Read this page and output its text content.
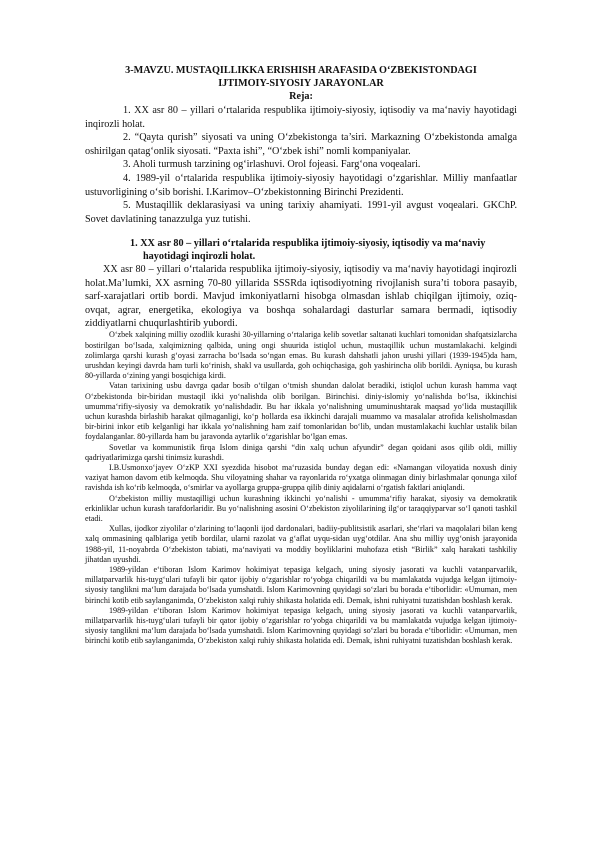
3-MAVZU. MUSTAQILLIKKA ERISHISH ARAFASIDA O‘ZBEKISTONDAGI

IJTIMOIY-SIYOSIY JARAYONLAR

Reja:

1. XX asr 80 – yillari o‘rtalarida respublika ijtimoiy-siyosiy, iqtisodiy va ma‘naviy hayotidagi inqirozli holat.

2. “Qayta qurish” siyosati va uning O‘zbekistonga ta’siri. Markazning O‘zbekistonda amalga oshirilgan qatag‘onlik siyosati. “Paxta ishi”, “O‘zbek ishi” nomli kompaniyalar.

3. Aholi turmush tarzining og‘irlashuvi. Orol fojeasi. Farg‘ona voqealari.

4. 1989-yil o‘rtalarida respublika ijtimoiy-siyosiy hayotidagi o‘zgarishlar. Milliy manfaatlar ustuvorligining o‘sib borishi. I.Karimov–O‘zbekistonning Birinchi Prezidenti.

5. Mustaqillik deklarasiyasi va uning tarixiy ahamiyati. 1991-yil avgust voqealari. GKChP. Sovet davlatining tanazzulga yuz tutishi.

1. XX asr 80 – yillari o‘rtalarida respublika ijtimoiy-siyosiy, iqtisodiy va ma‘naviy hayotidagi inqirozli holat.

XX asr 80 – yillari o‘rtalarida respublika ijtimoiy-siyosiy, iqtisodiy va ma‘naviy hayotidagi inqirozli holat.Ma’lumki, XX asrning 70-80 yillarida SSSRda iqtisodiyotning rivojlanish sura’ti tobora pasayib, sarf-xarajatlari ortib bordi. Mavjud imkoniyatlarni hisobga olmasdan ishlab chiqilgan ijtimoiy, oziq-ovqat, agrar, energetika, ekologiya va boshqa sohalardagi dasturlar samara bermadi, iqtisodiy ziddiyatlarni chuqurlashtirib yubordi.

O‘zbek xalqining milliy ozodlik kurashi 30-yillarning o‘rtalariga kelib sovetlar saltanati kuchlari tomonidan shafqatsizlarcha bostirilgan bo‘lsada, xalqimizning qalbida, uning ongi shuurida istiqlol uchun, mustaqillik uchun mustamlakachi. kelgindi zolimlarga qarshi kurash g‘oyasi zarracha bo‘lsada so‘ngan emas. Bu kurash dahshatli jahon urushi yillari (1939-1945)da ham, urushdan keyingi davrda ham turli ko‘rinish, shakl va usullarda, goh ochiqchasiga, goh yashirincha olib borildi. Ayniqsa, bu kurash 80-yillarda o‘zining yangi bosqichiga kirdi.

Vatan tarixining usbu davrga qadar bosib o‘tilgan o‘tmish shundan dalolat beradiki, istiqlol uchun kurash hamma vaqt O‘zbekistonda bir-biridan mustaqil ikki yo‘nalishda olib borilgan. Birinchisi. diniy-islomiy yo‘nalishda bo‘lsa, ikkinchisi umumma‘rifiy-siyosiy va demokratik yo‘nalishdadir. Bu har ikkala yo‘nalishning umuminushtarak maqsad yo‘lida mustaqillik uchun kurashda birlashib harakat qilmaganligi, ko‘p hollarda esa ikkinchi darajali muammo va masalalar atrofida kelisholmasdan bir-birini inkor etib kelganligi har ikkala yo‘nalishning ham zaif tomonlaridan bo‘lib, undan mustamlakachi kuchlar ustalik bilan foydalanganlar. 80-yillarda ham bu jaravonda aytarlik o‘zgarishlar bo‘lgan emas.

Sovetlar va kommunistik firqa Islom diniga qarshi “din xalq uchun afyundir” degan qoidani asos qilib oldi, milliy qadriyatlarimizga qarshi tinimsiz kurashdi.

I.B.Usmonxo‘jayev O‘zKP XXI syezdida hisobot ma‘ruzasida bunday degan edi: «Namangan viloyatida noxush diniy vaziyat hamon davom etib kelmoqda. Shu viloyatning shahar va rayonlarida ro‘yxatga olinmagan diniy birlashmalar qonunga xilof ravishda ish ko‘rib kelmoqda, o‘smirlar va ayollarga gruppa-gruppa qilib diniy aqidalarni o‘rgatish faktlari aniqlandi.

O‘zbekiston milliy mustaqilligi uchun kurashning ikkinchi yo‘nalishi - umumma‘rifiy harakat, siyosiy va demokratik erkinliklar uchun kurash tarafdorlaridir. Bu yo‘nalishning asosini O‘zbekiston ziyolilarining ilg‘or taraqqiyparvar so‘l qanoti tashkil etadi.

Xullas, ijodkor ziyolilar o‘zlarining to‘laqonli ijod dardonalari, badiiy-publitsistik asarlari, she‘rlari va maqolalari bilan keng xalq ommasining qalblariga yetib bordilar, ularni razolat va g‘aflat uyqu-sidan uyg‘otdilar. Ana shu milliy uyg‘onish jarayonida 1988-yil, 11-noyabrda O‘zbekiston tabiati, ma‘naviyati va moddiy boyliklarini muhofaza etish “Birlik” xalq harakati tashkiliy jihatdan uyushdi.

1989-yildan e‘tiboran Islom Karimov hokimiyat tepasiga kelgach, uning siyosiy jasorati va kuchli vatanparvarlik, millatparvarlik his-tuyg‘ulari tufayli bir qator ijobiy o‘zgarishlar ro‘yobga chiqarildi va bu mamlakatda vujudga kelgan ijtimoiy-siyosiy tanglikni ma‘lum darajada bo‘lsada yumshatdi. Islom Karimovning quyidagi so‘zlari bu borada e‘tiborlidir: «Umuman, men birinchi kotib etib saylanganimda, O‘zbekiston xalqi ruhiy shikasta holatida edi. Demak, ishni ruhiyatni tuzatishdan boshlash kerak.

1989-yildan e‘tiboran Islom Karimov hokimiyat tepasiga kelgach, uning siyosiy jasorati va kuchli vatanparvarlik, millatparvarlik his-tuyg‘ulari tufayli bir qator ijobiy o‘zgarishlar ro‘yobga chiqarildi va bu mamlakatda vujudga kelgan ijtimoiy-siyosiy tanglikni ma‘lum darajada bo‘lsada yumshatdi. Islom Karimovning quyidagi so‘zlari bu borada e‘tiborlidir: «Umuman, men birinchi kotib etib saylanganimda, O‘zbekiston xalqi ruhiy shikasta holatida edi. Demak, ishni ruhiyatni tuzatishdan boshlash kerak.
